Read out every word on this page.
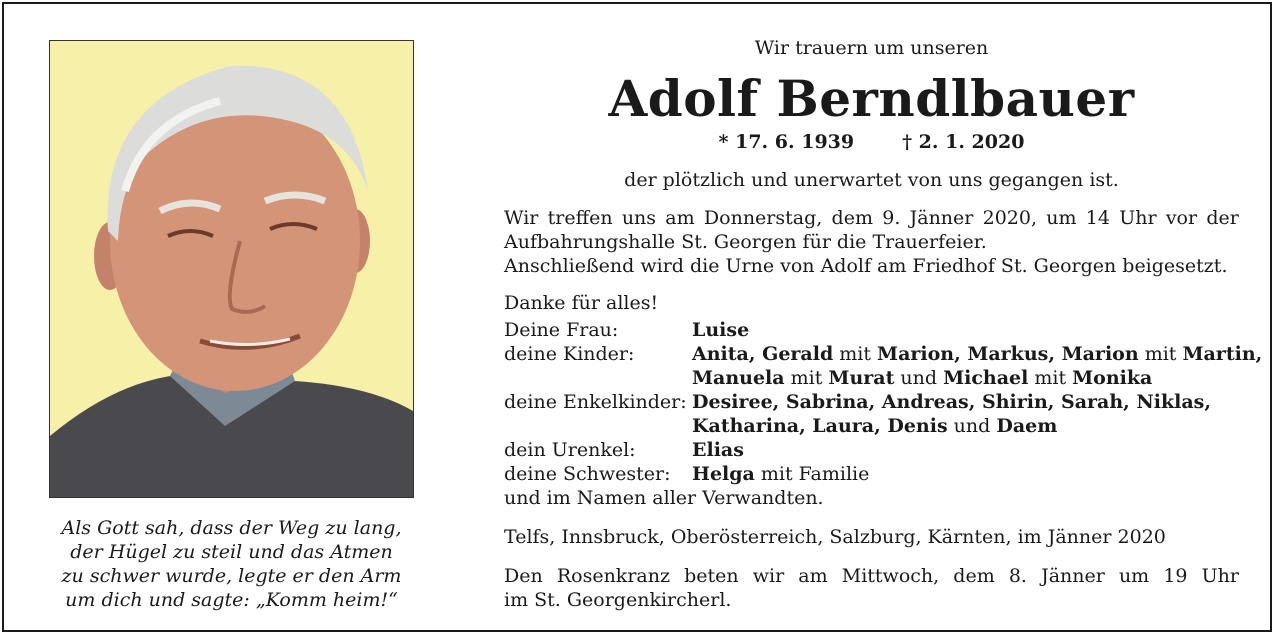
Als Gott sah, dass der Weg zu lang,
der Hügel zu steil und das Atmen
zu schwer wurde, legte er den Arm
um dich und sagte: „Komm heim!“
Wir trauern um unseren
Adolf Berndlbauer
* 17. 6. 1939	† 2. 1. 2020
der plötzlich und unerwartet von uns gegangen ist.
Wir treffen uns am Donnerstag, dem 9. Jänner 2020, um 14 Uhr vor der
Aufbahrungshalle St. Georgen für die Trauerfeier.
Anschließend wird die Urne von Adolf am Friedhof St. Georgen beigesetzt.
Danke für alles!
Deine Frau:	Luise
deine Kinder:	Anita, Gerald mit Marion, Markus, Marion mit Martin,
Manuela mit Murat und Michael mit Monika
deine Enkelkinder: Desiree, Sabrina, Andreas, Shirin, Sarah, Niklas,
Katharina, Laura, Denis und Daem
dein Urenkel:	Elias
deine Schwester:	Helga mit Familie
und im Namen aller Verwandten.
Telfs, Innsbruck, Oberösterreich, Salzburg, Kärnten, im Jänner 2020
Den Rosenkranz beten wir am Mittwoch, dem 8. Jänner um 19 Uhr
im St. Georgenkircherl.
